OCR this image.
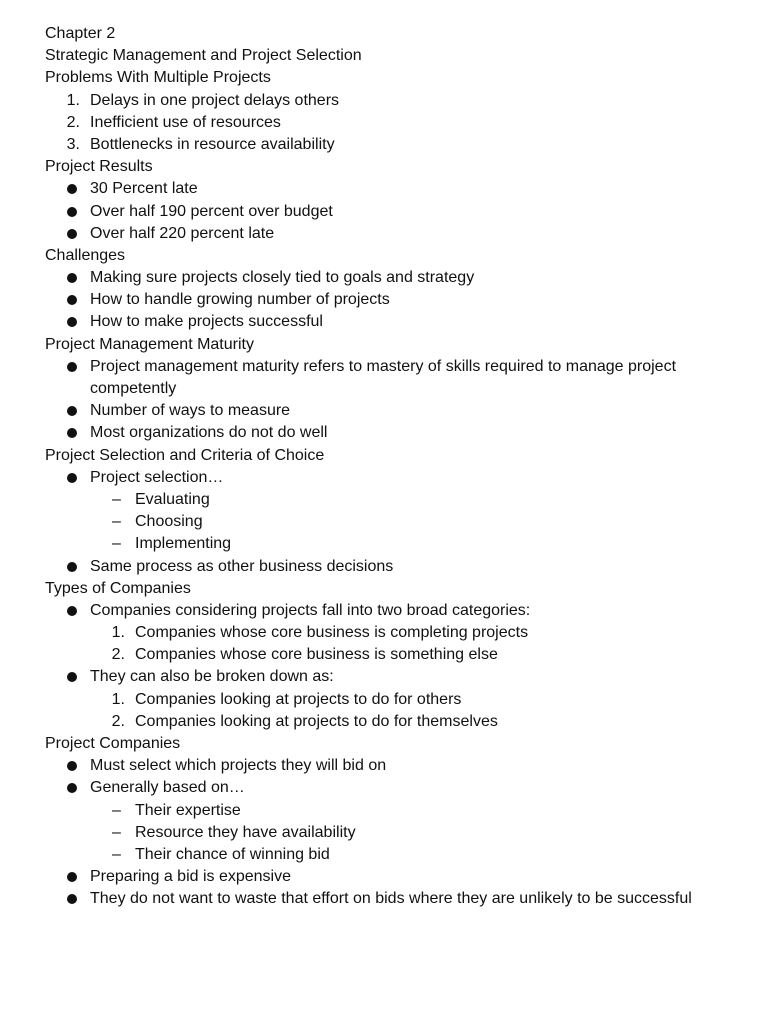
Chapter 2
Strategic Management and Project Selection
Problems With Multiple Projects
1. Delays in one project delays others
2. Inefficient use of resources
3. Bottlenecks in resource availability
Project Results
30 Percent late
Over half 190 percent over budget
Over half 220 percent late
Challenges
Making sure projects closely tied to goals and strategy
How to handle growing number of projects
How to make projects successful
Project Management Maturity
Project management maturity refers to mastery of skills required to manage project competently
Number of ways to measure
Most organizations do not do well
Project Selection and Criteria of Choice
Project selection…
– Evaluating
– Choosing
– Implementing
Same process as other business decisions
Types of Companies
Companies considering projects fall into two broad categories:
1. Companies whose core business is completing projects
2. Companies whose core business is something else
They can also be broken down as:
1. Companies looking at projects to do for others
2. Companies looking at projects to do for themselves
Project Companies
Must select which projects they will bid on
Generally based on…
– Their expertise
– Resource they have availability
– Their chance of winning bid
Preparing a bid is expensive
They do not want to waste that effort on bids where they are unlikely to be successful
